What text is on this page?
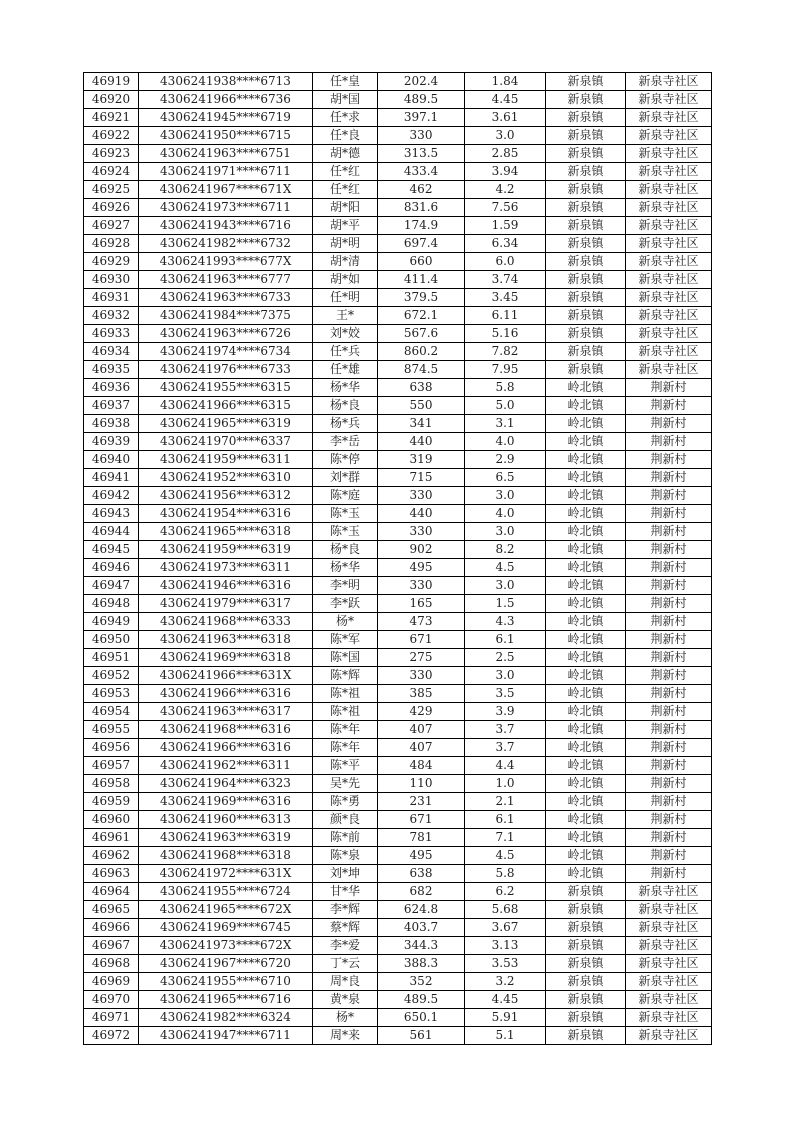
46919	4306241938****6713	任*皇	202.4	1.84	新泉镇	新泉寺社区
46920	4306241966****6736	胡*国	489.5	4.45	新泉镇	新泉寺社区
46921	4306241945****6719	任*求	397.1	3.61	新泉镇	新泉寺社区
46922	4306241950****6715	任*良	330	3.0	新泉镇	新泉寺社区
46923	4306241963****6751	胡*德	313.5	2.85	新泉镇	新泉寺社区
46924	4306241971****6711	任*红	433.4	3.94	新泉镇	新泉寺社区
46925	4306241967****671X	任*红	462	4.2	新泉镇	新泉寺社区
46926	4306241973****6711	胡*阳	831.6	7.56	新泉镇	新泉寺社区
46927	4306241943****6716	胡*平	174.9	1.59	新泉镇	新泉寺社区
46928	4306241982****6732	胡*明	697.4	6.34	新泉镇	新泉寺社区
46929	4306241993****677X	胡*清	660	6.0	新泉镇	新泉寺社区
46930	4306241963****6777	胡*如	411.4	3.74	新泉镇	新泉寺社区
46931	4306241963****6733	任*明	379.5	3.45	新泉镇	新泉寺社区
46932	4306241984****7375	王*	672.1	6.11	新泉镇	新泉寺社区
46933	4306241963****6726	刘*姣	567.6	5.16	新泉镇	新泉寺社区
46934	4306241974****6734	任*兵	860.2	7.82	新泉镇	新泉寺社区
46935	4306241976****6733	任*雄	874.5	7.95	新泉镇	新泉寺社区
46936	4306241955****6315	杨*华	638	5.8	岭北镇	荆新村
46937	4306241966****6315	杨*良	550	5.0	岭北镇	荆新村
46938	4306241965****6319	杨*兵	341	3.1	岭北镇	荆新村
46939	4306241970****6337	李*岳	440	4.0	岭北镇	荆新村
46940	4306241959****6311	陈*停	319	2.9	岭北镇	荆新村
46941	4306241952****6310	刘*群	715	6.5	岭北镇	荆新村
46942	4306241956****6312	陈*庭	330	3.0	岭北镇	荆新村
46943	4306241954****6316	陈*玉	440	4.0	岭北镇	荆新村
46944	4306241965****6318	陈*玉	330	3.0	岭北镇	荆新村
46945	4306241959****6319	杨*良	902	8.2	岭北镇	荆新村
46946	4306241973****6311	杨*华	495	4.5	岭北镇	荆新村
46947	4306241946****6316	李*明	330	3.0	岭北镇	荆新村
46948	4306241979****6317	李*跃	165	1.5	岭北镇	荆新村
46949	4306241968****6333	杨*	473	4.3	岭北镇	荆新村
46950	4306241963****6318	陈*军	671	6.1	岭北镇	荆新村
46951	4306241969****6318	陈*国	275	2.5	岭北镇	荆新村
46952	4306241966****631X	陈*辉	330	3.0	岭北镇	荆新村
46953	4306241966****6316	陈*祖	385	3.5	岭北镇	荆新村
46954	4306241963****6317	陈*祖	429	3.9	岭北镇	荆新村
46955	4306241968****6316	陈*年	407	3.7	岭北镇	荆新村
46956	4306241966****6316	陈*年	407	3.7	岭北镇	荆新村
46957	4306241962****6311	陈*平	484	4.4	岭北镇	荆新村
46958	4306241964****6323	吴*先	110	1.0	岭北镇	荆新村
46959	4306241969****6316	陈*勇	231	2.1	岭北镇	荆新村
46960	4306241960****6313	颜*良	671	6.1	岭北镇	荆新村
46961	4306241963****6319	陈*前	781	7.1	岭北镇	荆新村
46962	4306241968****6318	陈*泉	495	4.5	岭北镇	荆新村
46963	4306241972****631X	刘*坤	638	5.8	岭北镇	荆新村
46964	4306241955****6724	甘*华	682	6.2	新泉镇	新泉寺社区
46965	4306241965****672X	李*辉	624.8	5.68	新泉镇	新泉寺社区
46966	4306241969****6745	蔡*辉	403.7	3.67	新泉镇	新泉寺社区
46967	4306241973****672X	李*爱	344.3	3.13	新泉镇	新泉寺社区
46968	4306241967****6720	丁*云	388.3	3.53	新泉镇	新泉寺社区
46969	4306241955****6710	周*良	352	3.2	新泉镇	新泉寺社区
46970	4306241965****6716	黄*泉	489.5	4.45	新泉镇	新泉寺社区
46971	4306241982****6324	杨*	650.1	5.91	新泉镇	新泉寺社区
46972	4306241947****6711	周*来	561	5.1	新泉镇	新泉寺社区
